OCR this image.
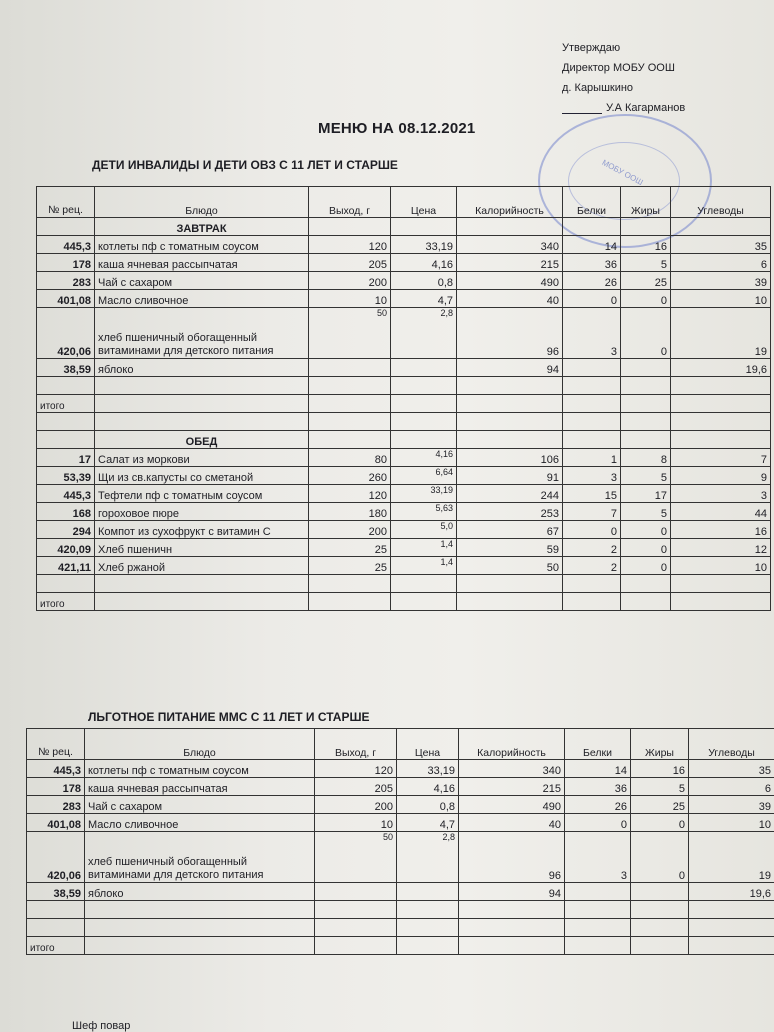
Утверждаю
Директор МОБУ ООШ
д. Карышкино
У.А Кагарманов
МОБУ ООШ
МЕНЮ НА 08.12.2021
ДЕТИ ИНВАЛИДЫ И ДЕТИ ОВЗ С 11 ЛЕТ И СТАРШЕ
№ рец.	Блюдо	Выход, г	Цена	Калорийность	Белки	Жиры	Углеводы
	ЗАВТРАК						
445,3	котлеты пф с томатным соусом	120	33,19	340	14	16	35
178	каша ячневая рассыпчатая	205	4,16	215	36	5	6
283	Чай с сахаром	200	0,8	490	26	25	39
401,08	Масло сливочное	10	4,7	40	0	0	10
420,06	хлеб пшеничный обогащенный витаминами для детского питания	50	2,8	96	3	0	19
38,59	яблоко			94			19,6

итого							

	ОБЕД						
17	Салат из моркови	80	4,16	106	1	8	7
53,39	Щи из св.капусты со сметаной	260	6,64	91	3	5	9
445,3	Тефтели пф с томатным соусом	120	33,19	244	15	17	3
168	гороховое пюре	180	5,63	253	7	5	44
294	Компот из сухофрукт с витамин С	200	5,0	67	0	0	16
420,09	Хлеб пшеничн	25	1,4	59	2	0	12
421,11	Хлеб ржаной	25	1,4	50	2	0	10

итого							
ЛЬГОТНОЕ ПИТАНИЕ ММС С 11 ЛЕТ И СТАРШЕ
№ рец.	Блюдо	Выход, г	Цена	Калорийность	Белки	Жиры	Углеводы
445,3	котлеты пф с томатным соусом	120	33,19	340	14	16	35
178	каша ячневая рассыпчатая	205	4,16	215	36	5	6
283	Чай с сахаром	200	0,8	490	26	25	39
401,08	Масло сливочное	10	4,7	40	0	0	10
420,06	хлеб пшеничный обогащенный витаминами для детского питания	50	2,8	96	3	0	19
38,59	яблоко			94			19,6

итого							
Шеф повар
